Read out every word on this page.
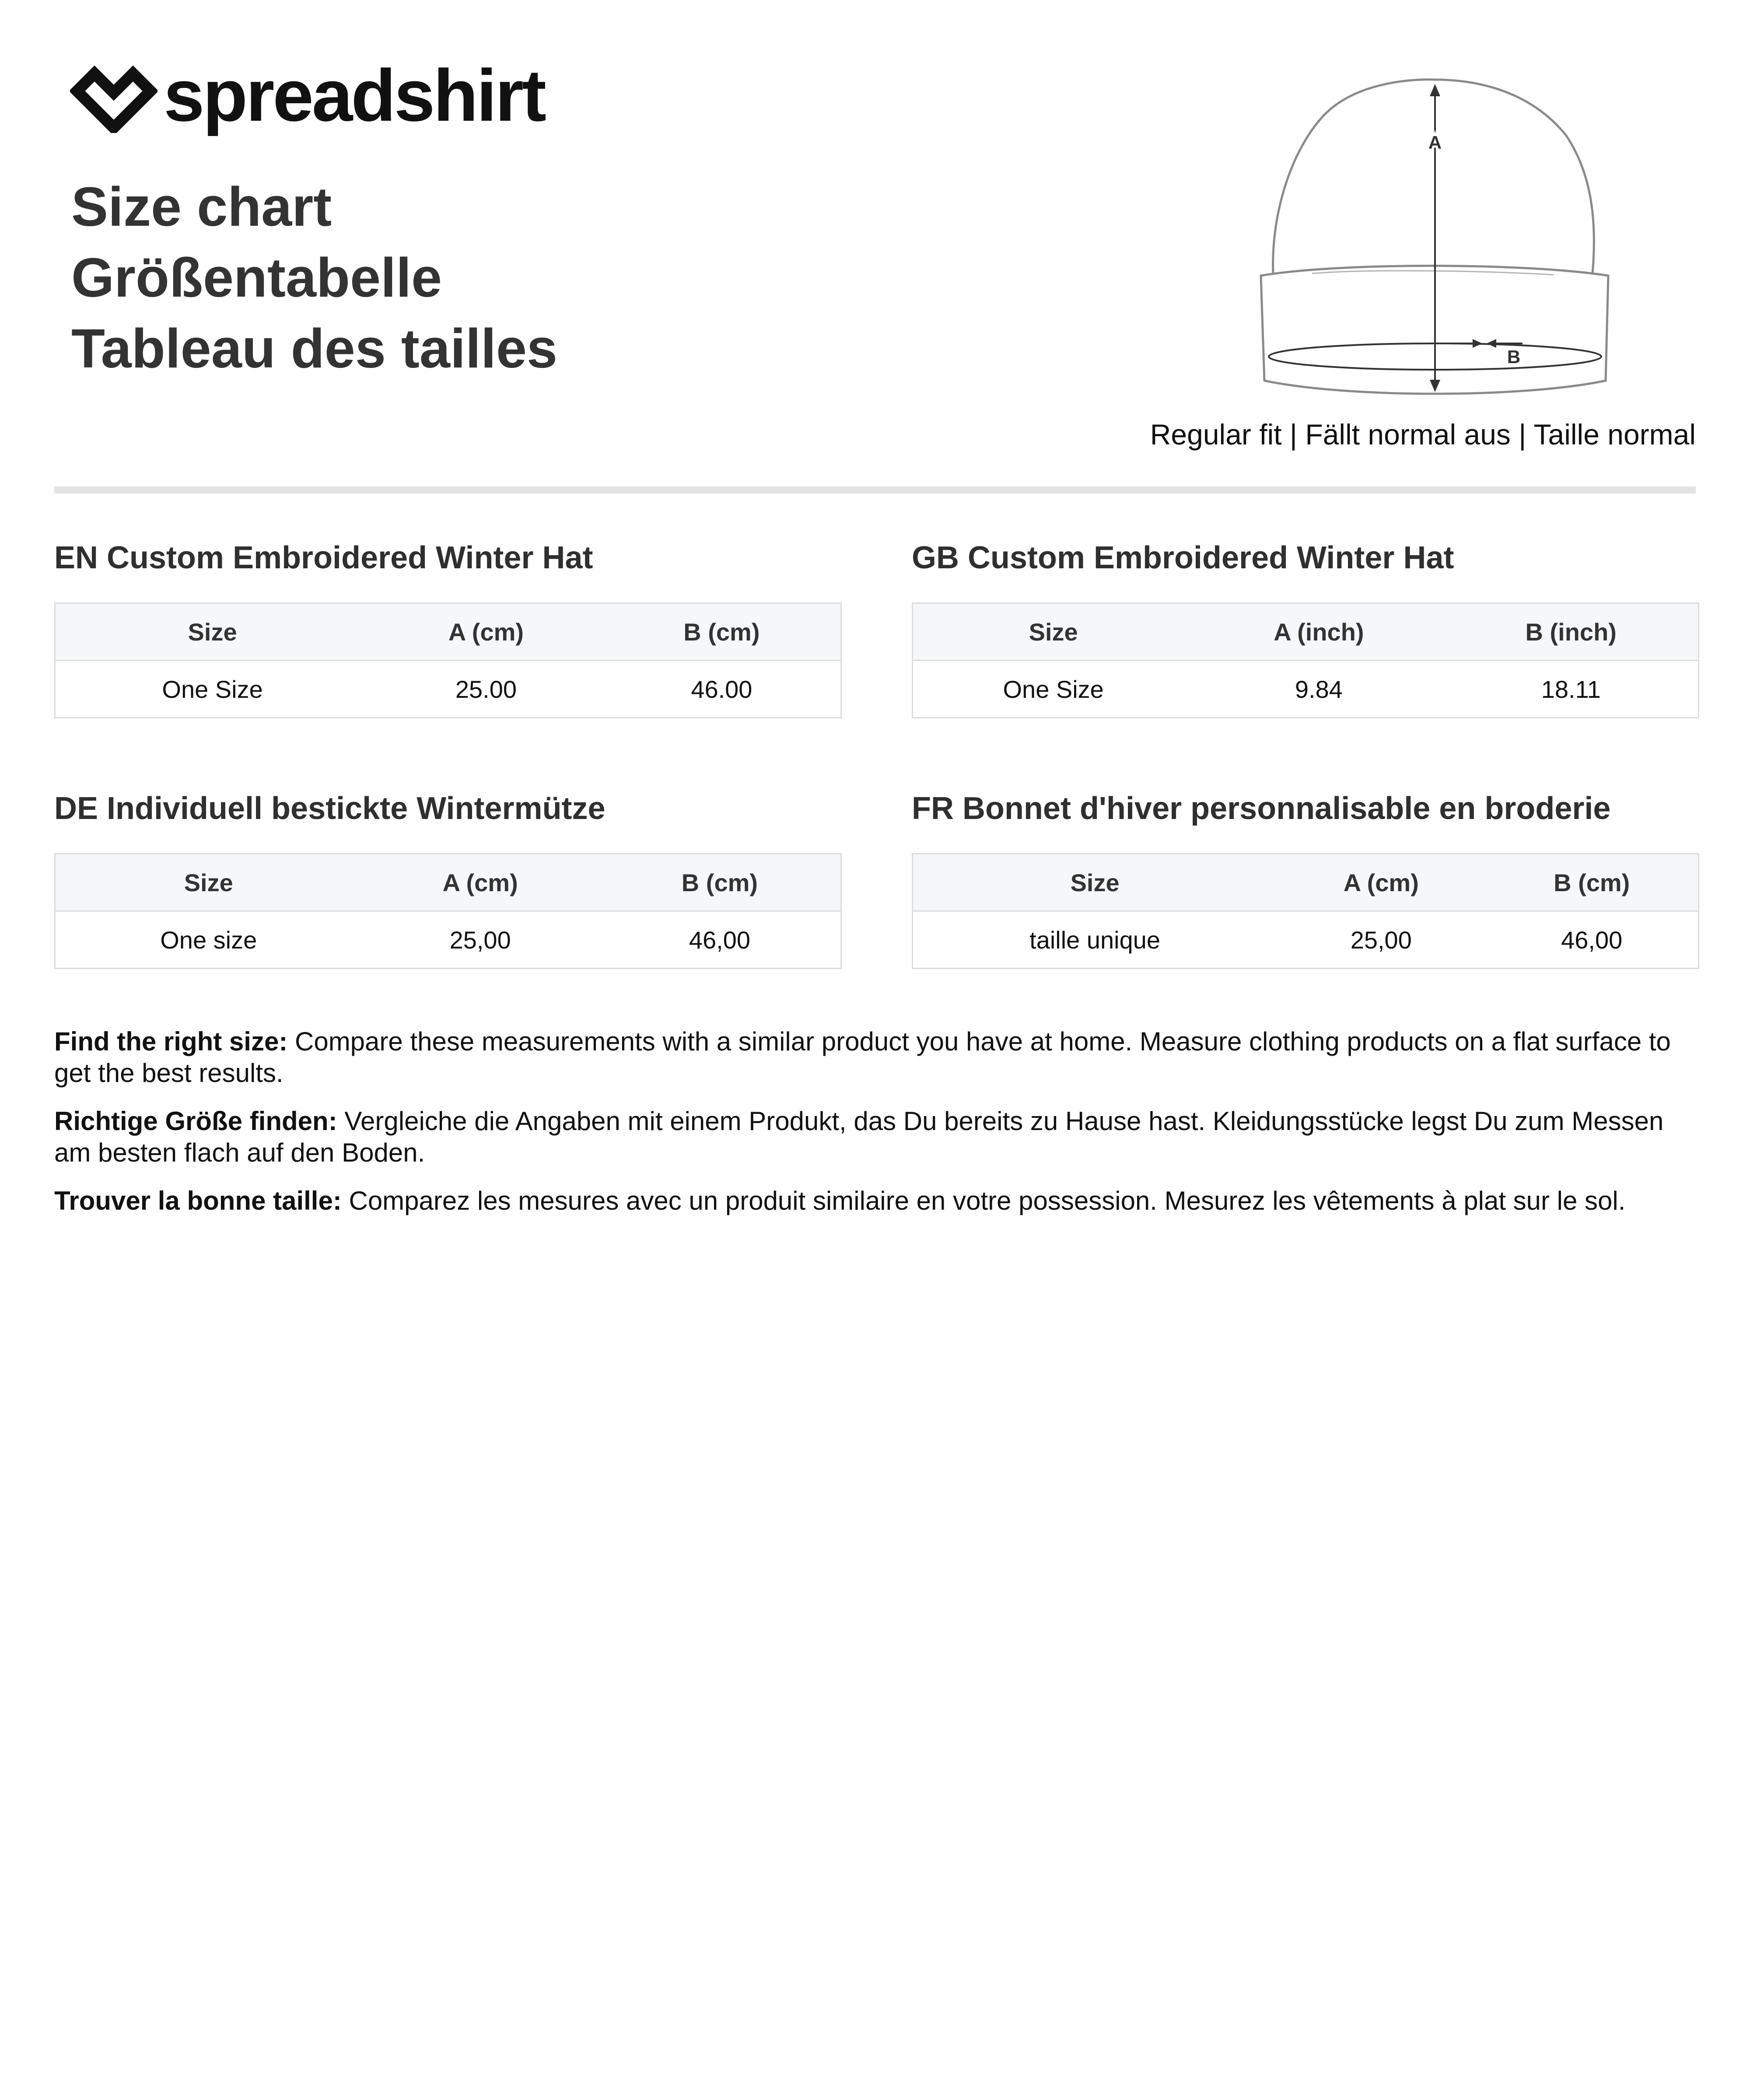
spreadshirt
Size chart
Größentabelle
Tableau des tailles
A
B
Regular fit | Fällt normal aus | Taille normal
EN Custom Embroidered Winter Hat
Size	A (cm)	B (cm)
One Size	25.00	46.00
GB Custom Embroidered Winter Hat
Size	A (inch)	B (inch)
One Size	9.84	18.11
DE Individuell bestickte Wintermütze
Size	A (cm)	B (cm)
One size	25,00	46,00
FR Bonnet d'hiver personnalisable en broderie
Size	A (cm)	B (cm)
taille unique	25,00	46,00

Find the right size: Compare these measurements with a similar product you have at home. Measure clothing products on a flat surface to get the best results.

Richtige Größe finden: Vergleiche die Angaben mit einem Produkt, das Du bereits zu Hause hast. Kleidungsstücke legst Du zum Messen am besten flach auf den Boden.

Trouver la bonne taille: Comparez les mesures avec un produit similaire en votre possession. Mesurez les vêtements à plat sur le sol.
